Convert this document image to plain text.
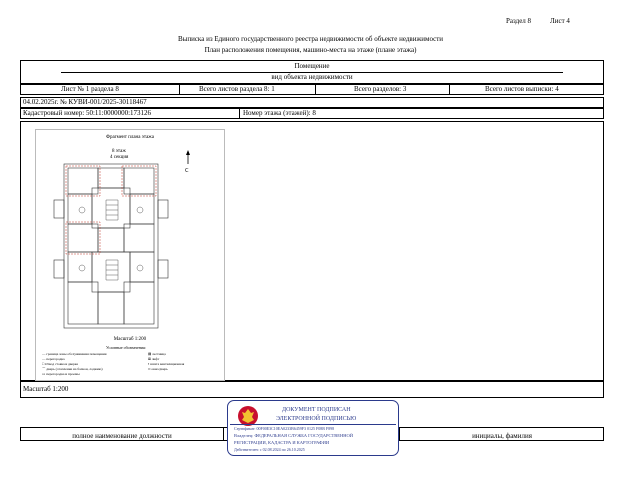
Раздел 8	Лист 4
Выписка из Единого государственного реестра недвижимости об объекте недвижимости
План расположения помещения, машино-места на этаже (плане этажа)
Помещение
вид объекта недвижимости
Лист № 1 раздела 8	Всего листов раздела 8: 1	Всего разделов: 3	Всего листов выписки: 4
04.02.2025г. № КУВИ-001/2025-30118467
Кадастровый номер: 50:11:0000000:173126	Номер этажа (этажей): 8
Фрагмент плана этажа
8 этаж
4 секция
С
Масштаб 1:200
Условные обозначения:
— граница зоны обслуживания помещения
— перегородка
□ Отвод стояка и дверка
⌒ дверь (отопление на балкон, лоджию)
▭ перегородка и проемы
▤ лестница
⊠ лифт
▪ шахта вентиляционная
═ окно/дверь
Масштаб 1:200
полное наименование должности	инициалы, фамилия
ДОКУМЕНТ ПОДПИСАН
ЭЛЕКТРОННОЙ ПОДПИСЬЮ
Сертификат: 00F00E3C10EA0233B6459F3 0125 F08B F898
Владелец: ФЕДЕРАЛЬНАЯ СЛУЖБА ГОСУДАРСТВЕННОЙ
РЕГИСТРАЦИИ, КАДАСТРА И КАРТОГРАФИИ
Действителен: с 02.08.2024 по 26.10.2025
